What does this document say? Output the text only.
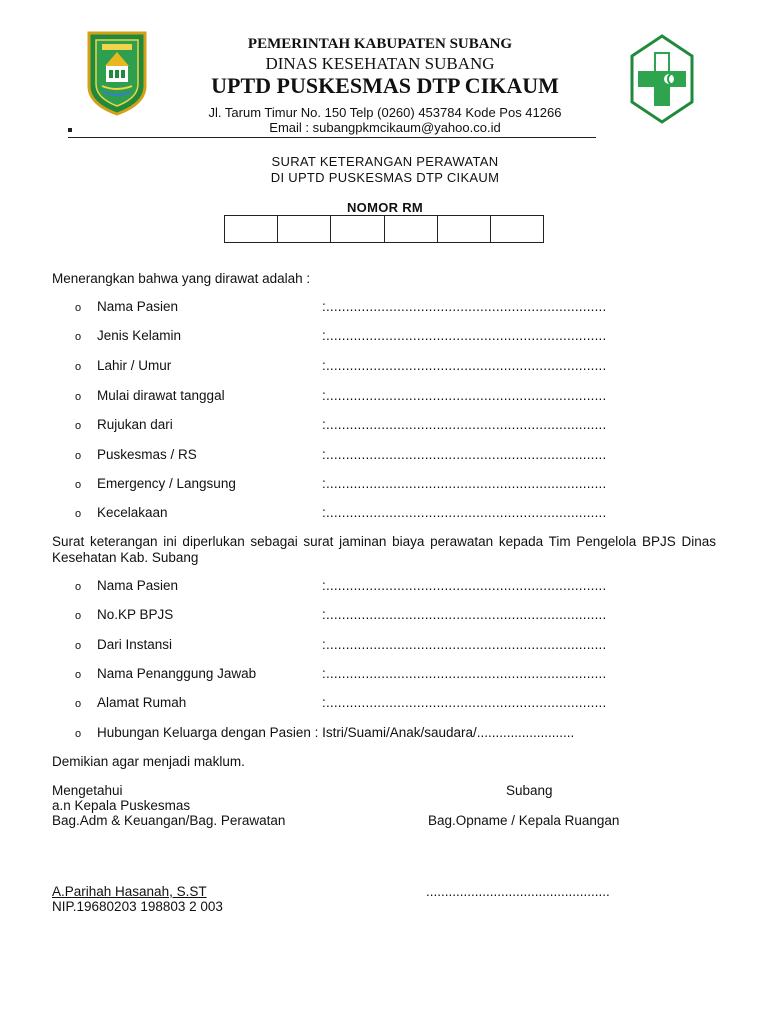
PEMERINTAH KABUPATEN SUBANG
DINAS KESEHATAN SUBANG
UPTD PUSKESMAS DTP CIKAUM
Jl. Tarum Timur No. 150 Telp (0260) 453784 Kode Pos 41266
Email : subangpkmcikaum@yahoo.co.id
SURAT KETERANGAN PERAWATAN
DI UPTD PUSKESMAS DTP CIKAUM
NOMOR RM
Menerangkan bahwa yang dirawat adalah :
o Nama Pasien	:.......................................................................
o Jenis Kelamin	:.......................................................................
o Lahir / Umur	:.......................................................................
o Mulai dirawat tanggal	:.......................................................................
o Rujukan dari	:.......................................................................
o Puskesmas / RS	:.......................................................................
o Emergency / Langsung	:.......................................................................
o Kecelakaan	:.......................................................................
Surat keterangan ini diperlukan sebagai surat jaminan biaya perawatan kepada Tim Pengelola BPJS Dinas Kesehatan Kab. Subang
o Nama Pasien	:.......................................................................
o No.KP BPJS	:.......................................................................
o Dari Instansi	:.......................................................................
o Nama Penanggung Jawab	:.......................................................................
o Alamat Rumah	:.......................................................................
o Hubungan Keluarga dengan Pasien : Istri/Suami/Anak/saudara/..........................
Demikian agar menjadi maklum.
Mengetahui
a.n Kepala Puskesmas
Bag.Adm & Keuangan/Bag. Perawatan
Subang
Bag.Opname / Kepala Ruangan
A.Parihah Hasanah, S.ST
NIP.19680203 198803 2 003
.................................................
